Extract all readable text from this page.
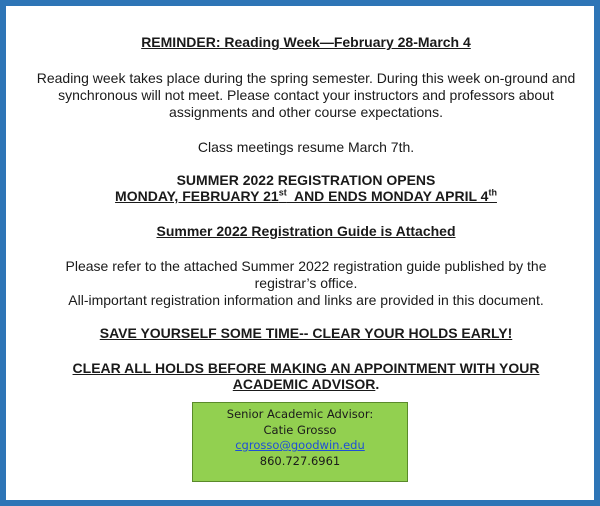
REMINDER: Reading Week—February 28-March 4
Reading week takes place during the spring semester. During this week on-ground and
synchronous will not meet. Please contact your instructors and professors about
assignments and other course expectations.
Class meetings resume March 7th.
SUMMER 2022 REGISTRATION OPENS
MONDAY, FEBRUARY 21st  AND ENDS MONDAY APRIL 4th
Summer 2022 Registration Guide is Attached
Please refer to the attached Summer 2022 registration guide published by the
registrar’s office.
All-important registration information and links are provided in this document.
SAVE YOURSELF SOME TIME-- CLEAR YOUR HOLDS EARLY!
CLEAR ALL HOLDS BEFORE MAKING AN APPOINTMENT WITH YOUR
ACADEMIC ADVISOR.
Senior Academic Advisor:
Catie Grosso
cgrosso@goodwin.edu
860.727.6961
